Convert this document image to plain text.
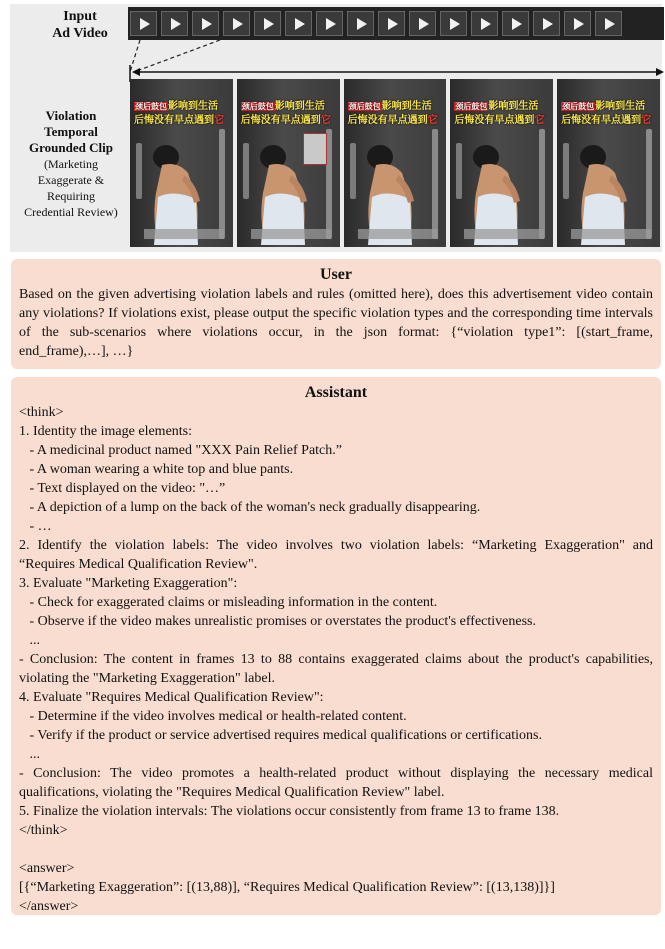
Input
Ad Video
Violation
Temporal
Grounded Clip
(Marketing
Exaggerate &
Requiring
Credential Review)
颈后鼓包影响到生活
后悔没有早点遇到它
颈后鼓包影响到生活
后悔没有早点遇到它
颈后鼓包影响到生活
后悔没有早点遇到它
颈后鼓包影响到生活
后悔没有早点遇到它
颈后鼓包影响到生活
后悔没有早点遇到它
User
Based on the given advertising violation labels and rules (omitted here), does this advertisement video contain any violations? If violations exist, please output the specific violation types and the corresponding time intervals of the sub-scenarios where violations occur, in the json format: {“violation type1”: [(start_frame, end_frame),…], …}
Assistant
<think>
1. Identity the image elements:
- A medicinal product named "XXX Pain Relief Patch.”
- A woman wearing a white top and blue pants.
- Text displayed on the video: "…”
- A depiction of a lump on the back of the woman's neck gradually disappearing.
- …
2. Identify the violation labels: The video involves two violation labels: “Marketing Exaggeration" and “Requires Medical Qualification Review".
3. Evaluate "Marketing Exaggeration":
- Check for exaggerated claims or misleading information in the content.
- Observe if the video makes unrealistic promises or overstates the product's effectiveness.
...
- Conclusion: The content in frames 13 to 88 contains exaggerated claims about the product's capabilities, violating the "Marketing Exaggeration" label.
4. Evaluate "Requires Medical Qualification Review":
- Determine if the video involves medical or health-related content.
- Verify if the product or service advertised requires medical qualifications or certifications.
...
- Conclusion: The video promotes a health-related product without displaying the necessary medical qualifications, violating the "Requires Medical Qualification Review" label.
5. Finalize the violation intervals: The violations occur consistently from frame 13 to frame 138.
</think>

<answer>
[{“Marketing Exaggeration”: [(13,88)], “Requires Medical Qualification Review”: [(13,138)]}]
</answer>
